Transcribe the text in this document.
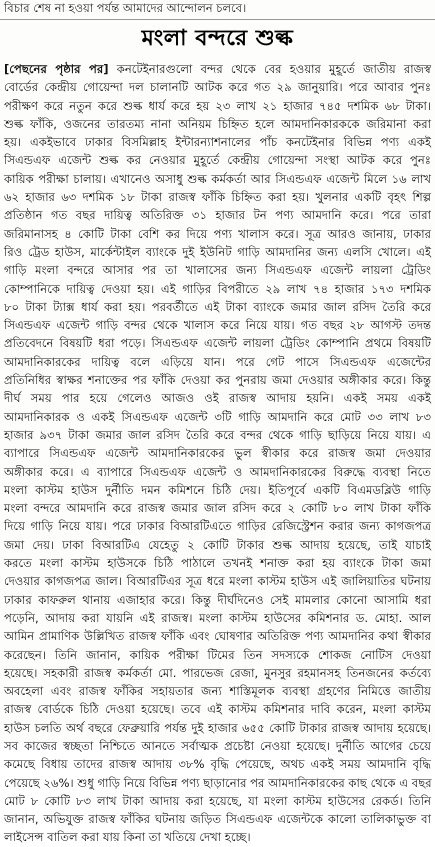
বিচার শেষ না হওয়া পর্যন্ত আমাদের আন্দোলন চলবে।
মংলা বন্দরে শুল্ক
[পেছনের পৃষ্ঠার পর] কনটেইনারগুলো বন্দর থেকে বের হওয়ার মুহূর্তে জাতীয় রাজস্ব
বোর্ডের কেন্দ্রীয় গোয়েন্দা দল চালানটি আটক করে গত ২৯ জানুয়ারি। পরে আবার পুনঃ
পরীক্ষণ করে নতুন করে শুল্ক ধার্য করে হয় ২৩ লাখ ২১ হাজার ৭৪৫ দশমিক ৬৮ টাকা।
শুল্ক ফাঁকি, ওজনের তারতম্য নানা অনিয়ম চিহ্নিত হলে আমদানিকারককে জরিমানা করা
হয়। একইভাবে ঢাকার বিসমিল্লাহ ইন্টারন্যাশনালের পাঁচ কনটেইনার বিভিন্ন পণ্য একই
সিএন্ডএফ এজেন্ট শুল্ক কর নেওয়ার মুহূর্তে কেন্দ্রীয় গোয়েন্দা সংস্থা আটক করে পুনঃ
কায়িক পরীক্ষা চালায়। এখানেও অসাধু শুল্ক কর্মকর্তা আর সিএন্ডএফ এজেন্ট মিলে ১৬ লাখ
৬২ হাজার ৬৩ দশমিক ১৮ টাকা রাজস্ব ফাঁকি চিহ্নিত করা হয়। খুলনার একটি বৃহৎ শিল্প
প্রতিষ্ঠান গত বছর দায়িত্ব অতিরিক্ত ৩১ হাজার টন পণ্য আমদানি করে। পরে তারা
জরিমানাসহ ৪ কোটি টাকা বেশি কর দিয়ে পণ্য খালাস করে। সূত্র আরও জানায়, ঢাকার
রিও ট্রেড হাউস, মার্কেন্টাইল ব্যাংকে দুই ইউনিট গাড়ি আমদানির জন্য এলসি খোলে। এই
গাড়ি মংলা বন্দরে আসার পর তা খালাসের জন্য সিএন্ডএফ এজেন্ট লায়লা ট্রেডিং
কোম্পানিকে দায়িত্ব দেওয়া হয়। এই গাড়ির বিপরীতে ২৯ লাখ ৭৪ হাজার ১৭৩ দশমিক
৮০ টাকা ট্যাক্স ধার্য করা হয়। পরবর্তীতে এই টাকা ব্যাংকে জমার জাল রসিদ তৈরি করে
সিএন্ডএফ এজেন্ট গাড়ি বন্দর থেকে খালাস করে নিয়ে যায়। গত বছর ২৮ আগস্ট তদন্ত
প্রতিবেদনে বিষয়টি ধরা পড়ে। সিএন্ডএফ এজেন্ট লায়লা ট্রেডিং কোম্পানি প্রথমে বিষয়টি
আমদানিকারকের দায়িত্ব বলে এড়িয়ে যান। পরে গেট পাসে সিএন্ডএফ এজেন্টের
প্রতিনিধির স্বাক্ষর শনাক্তের পর ফাঁকি দেওয়া কর পুনরায় জমা দেওয়ার অঙ্গীকার করে। কিন্তু
দীর্ঘ সময় পার হয়ে গেলেও আজও ওই রাজস্ব আদায় হয়নি। একই সময় একই
আমদানিকারক ও একই সিএন্ডএফ এজেন্ট ৩টি গাড়ি আমদানি করে মোট ৩৩ লাখ ৮৩
হাজার ৯৩৭ টাকা জমার জাল রসিদ তৈরি করে বন্দর থেকে গাড়ি ছাড়িয়ে নিয়ে যায়। এ
ব্যাপারে সিএন্ডএফ এজেন্ট আমদানিকারকের ভুল স্বীকার করে রাজস্ব জমা দেওয়ার
অঙ্গীকার করে। এ ব্যাপারে সিএন্ডএফ এজেন্ট ও আমদানিকারকের বিরুদ্ধে ব্যবস্থা নিতে
মংলা কাস্টম হাউস দুর্নীতি দমন কমিশনে চিঠি দেয়। ইতিপূর্বে একটি বিএমডব্লিউ গাড়ি
মংলা বন্দরে আমদানি করে রাজস্ব জমার জাল রসিদ করে ২ কোটি ৮০ লাখ টাকা ফাঁকি
দিয়ে গাড়ি নিয়ে যায়। পরে ঢাকার বিআরটিএতে গাড়ির রেজিস্ট্রেশন করার জন্য কাগজপত্র
জমা দেয়। ঢাকা বিআরটিএ যেহেতু ২ কোটি টাকার শুল্ক আদায় হয়েছে, তাই যাচাই
করতে মংলা কাস্টম হাউসকে চিঠি পাঠালে তখনই শনাক্ত করা হয় ব্যাংকে টাকা জমা
দেওয়ার কাগজপত্র জাল। বিআরটিএর সূত্র ধরে মংলা কাস্টম হাউস এই জালিয়াতির ঘটনায়
ঢাকার কাফরুল থানায় এজাহার করে। কিন্তু দীর্ঘদিনেও সেই মামলার কোনো আসামি ধরা
পড়েনি, আদায় করা যায়নি এই রাজস্ব। মংলা কাস্টম হাউসের কমিশনার ড. মোহা. আল
আমিন প্রামাণিক উল্লিখিত রাজস্ব ফাঁকি এবং ঘোষণার অতিরিক্ত পণ্য আমদানির কথা স্বীকার
করেছেন। তিনি জানান, কায়িক পরীক্ষা টিমের তিন সদস্যকে শোকজ নোটিস দেওয়া
হয়েছে। সহকারী রাজস্ব কর্মকর্তা মো. পারভেজ রেজা, মুনসুর রহমানসহ তিনজনের কর্তব্যে
অবহেলা এবং রাজস্ব ফাঁকির সহায়তার জন্য শাস্তিমূলক ব্যবস্থা গ্রহণের নিমিত্তে জাতীয়
রাজস্ব বোর্ডকে চিঠি দেওয়া হয়েছে। তবে এই কাস্টম কমিশনার দাবি করেন, মংলা কাস্টম
হাউস চলতি অর্থ বছরে ফেব্রুয়ারি পর্যন্ত দুই হাজার ৬৫৫ কোটি টাকার রাজস্ব আদায় হয়েছে।
সব কাজের স্বচ্ছতা নিশ্চিতে আনতে সর্বাত্মক প্রচেষ্টা নেওয়া হয়েছে। দুর্নীতি আগের চেয়ে
কমেছে বিধায় তাদের রাজস্ব আদায় ৩৮% বৃদ্ধি পেয়েছে, অথচ একই সময় আমদানি বৃদ্ধি
পেয়েছে ২৬%। শুধু গাড়ি নিয়ে বিভিন্ন পণ্য ছাড়ানোর পর আমদানিকারকের কাছ থেকে এ বছর
মোট ৮ কোটি ৮৩ লাখ টাকা আদায় করা হয়েছে, যা মংলা কাস্টম হাউসের রেকর্ড। তিনি
জানান, অভিযুক্ত রাজস্ব ফাঁকির ঘটনায় জড়িত সিএন্ডএফ এজেন্টকে কালো তালিকাভুক্ত বা
লাইসেন্স বাতিল করা যায় কিনা তা খতিয়ে দেখা হচ্ছে।
